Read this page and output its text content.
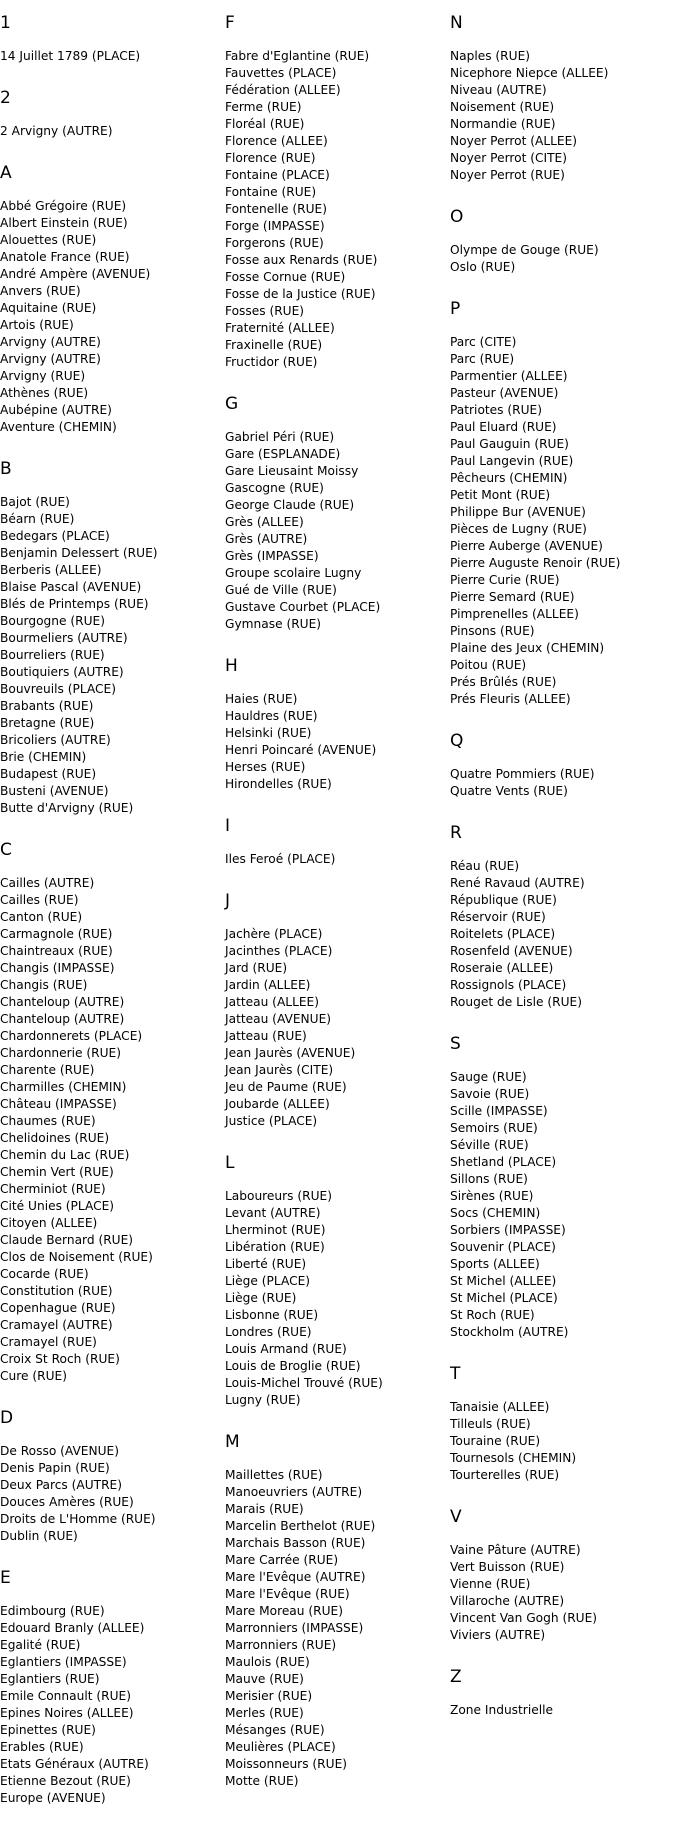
1
14 Juillet 1789 (PLACE)
2
2 Arvigny (AUTRE)
A
Abbé Grégoire (RUE)
Albert Einstein (RUE)
Alouettes (RUE)
Anatole France (RUE)
André Ampère (AVENUE)
Anvers (RUE)
Aquitaine (RUE)
Artois (RUE)
Arvigny (AUTRE)
Arvigny (AUTRE)
Arvigny (RUE)
Athènes (RUE)
Aubépine (AUTRE)
Aventure (CHEMIN)
B
Bajot (RUE)
Béarn (RUE)
Bedegars (PLACE)
Benjamin Delessert (RUE)
Berberis (ALLEE)
Blaise Pascal (AVENUE)
Blés de Printemps (RUE)
Bourgogne (RUE)
Bourmeliers (AUTRE)
Bourreliers (RUE)
Boutiquiers (AUTRE)
Bouvreuils (PLACE)
Brabants (RUE)
Bretagne (RUE)
Bricoliers (AUTRE)
Brie (CHEMIN)
Budapest (RUE)
Busteni (AVENUE)
Butte d'Arvigny (RUE)
C
Cailles (AUTRE)
Cailles (RUE)
Canton (RUE)
Carmagnole (RUE)
Chaintreaux (RUE)
Changis (IMPASSE)
Changis (RUE)
Chanteloup (AUTRE)
Chanteloup (AUTRE)
Chardonnerets (PLACE)
Chardonnerie (RUE)
Charente (RUE)
Charmilles (CHEMIN)
Château (IMPASSE)
Chaumes (RUE)
Chelidoines (RUE)
Chemin du Lac (RUE)
Chemin Vert (RUE)
Cherminiot (RUE)
Cité Unies (PLACE)
Citoyen (ALLEE)
Claude Bernard (RUE)
Clos de Noisement (RUE)
Cocarde (RUE)
Constitution (RUE)
Copenhague (RUE)
Cramayel (AUTRE)
Cramayel (RUE)
Croix St Roch (RUE)
Cure (RUE)
D
De Rosso (AVENUE)
Denis Papin (RUE)
Deux Parcs (AUTRE)
Douces Amères (RUE)
Droits de L'Homme (RUE)
Dublin (RUE)
E
Edimbourg (RUE)
Edouard Branly (ALLEE)
Egalité (RUE)
Eglantiers (IMPASSE)
Eglantiers (RUE)
Emile Connault (RUE)
Epines Noires (ALLEE)
Epinettes (RUE)
Erables (RUE)
Etats Généraux (AUTRE)
Etienne Bezout (RUE)
Europe (AVENUE)
F
Fabre d'Eglantine (RUE)
Fauvettes (PLACE)
Fédération (ALLEE)
Ferme (RUE)
Floréal (RUE)
Florence (ALLEE)
Florence (RUE)
Fontaine (PLACE)
Fontaine (RUE)
Fontenelle (RUE)
Forge (IMPASSE)
Forgerons (RUE)
Fosse aux Renards (RUE)
Fosse Cornue (RUE)
Fosse de la Justice (RUE)
Fosses (RUE)
Fraternité (ALLEE)
Fraxinelle (RUE)
Fructidor (RUE)
G
Gabriel Péri (RUE)
Gare (ESPLANADE)
Gare Lieusaint Moissy
Gascogne (RUE)
George Claude (RUE)
Grès (ALLEE)
Grès (AUTRE)
Grès (IMPASSE)
Groupe scolaire Lugny
Gué de Ville (RUE)
Gustave Courbet (PLACE)
Gymnase (RUE)
H
Haies (RUE)
Hauldres (RUE)
Helsinki (RUE)
Henri Poincaré (AVENUE)
Herses (RUE)
Hirondelles (RUE)
I
Iles Feroé (PLACE)
J
Jachère (PLACE)
Jacinthes (PLACE)
Jard (RUE)
Jardin (ALLEE)
Jatteau (ALLEE)
Jatteau (AVENUE)
Jatteau (RUE)
Jean Jaurès (AVENUE)
Jean Jaurès (CITE)
Jeu de Paume (RUE)
Joubarde (ALLEE)
Justice (PLACE)
L
Laboureurs (RUE)
Levant (AUTRE)
Lherminot (RUE)
Libération (RUE)
Liberté (RUE)
Liège (PLACE)
Liège (RUE)
Lisbonne (RUE)
Londres (RUE)
Louis Armand (RUE)
Louis de Broglie (RUE)
Louis-Michel Trouvé (RUE)
Lugny (RUE)
M
Maillettes (RUE)
Manoeuvriers (AUTRE)
Marais (RUE)
Marcelin Berthelot (RUE)
Marchais Basson (RUE)
Mare Carrée (RUE)
Mare l'Evêque (AUTRE)
Mare l'Evêque (RUE)
Mare Moreau (RUE)
Marronniers (IMPASSE)
Marronniers (RUE)
Maulois (RUE)
Mauve (RUE)
Merisier (RUE)
Merles (RUE)
Mésanges (RUE)
Meulières (PLACE)
Moissonneurs (RUE)
Motte (RUE)
N
Naples (RUE)
Nicephore Niepce (ALLEE)
Niveau (AUTRE)
Noisement (RUE)
Normandie (RUE)
Noyer Perrot (ALLEE)
Noyer Perrot (CITE)
Noyer Perrot (RUE)
O
Olympe de Gouge (RUE)
Oslo (RUE)
P
Parc (CITE)
Parc (RUE)
Parmentier (ALLEE)
Pasteur (AVENUE)
Patriotes (RUE)
Paul Eluard (RUE)
Paul Gauguin (RUE)
Paul Langevin (RUE)
Pêcheurs (CHEMIN)
Petit Mont (RUE)
Philippe Bur (AVENUE)
Pièces de Lugny (RUE)
Pierre Auberge (AVENUE)
Pierre Auguste Renoir (RUE)
Pierre Curie (RUE)
Pierre Semard (RUE)
Pimprenelles (ALLEE)
Pinsons (RUE)
Plaine des Jeux (CHEMIN)
Poitou (RUE)
Prés Brûlés (RUE)
Prés Fleuris (ALLEE)
Q
Quatre Pommiers (RUE)
Quatre Vents (RUE)
R
Réau (RUE)
René Ravaud (AUTRE)
République (RUE)
Réservoir (RUE)
Roitelets (PLACE)
Rosenfeld (AVENUE)
Roseraie (ALLEE)
Rossignols (PLACE)
Rouget de Lisle (RUE)
S
Sauge (RUE)
Savoie (RUE)
Scille (IMPASSE)
Semoirs (RUE)
Séville (RUE)
Shetland (PLACE)
Sillons (RUE)
Sirènes (RUE)
Socs (CHEMIN)
Sorbiers (IMPASSE)
Souvenir (PLACE)
Sports (ALLEE)
St Michel (ALLEE)
St Michel (PLACE)
St Roch (RUE)
Stockholm (AUTRE)
T
Tanaisie (ALLEE)
Tilleuls (RUE)
Touraine (RUE)
Tournesols (CHEMIN)
Tourterelles (RUE)
V
Vaine Pâture (AUTRE)
Vert Buisson (RUE)
Vienne (RUE)
Villaroche (AUTRE)
Vincent Van Gogh (RUE)
Viviers (AUTRE)
Z
Zone Industrielle
